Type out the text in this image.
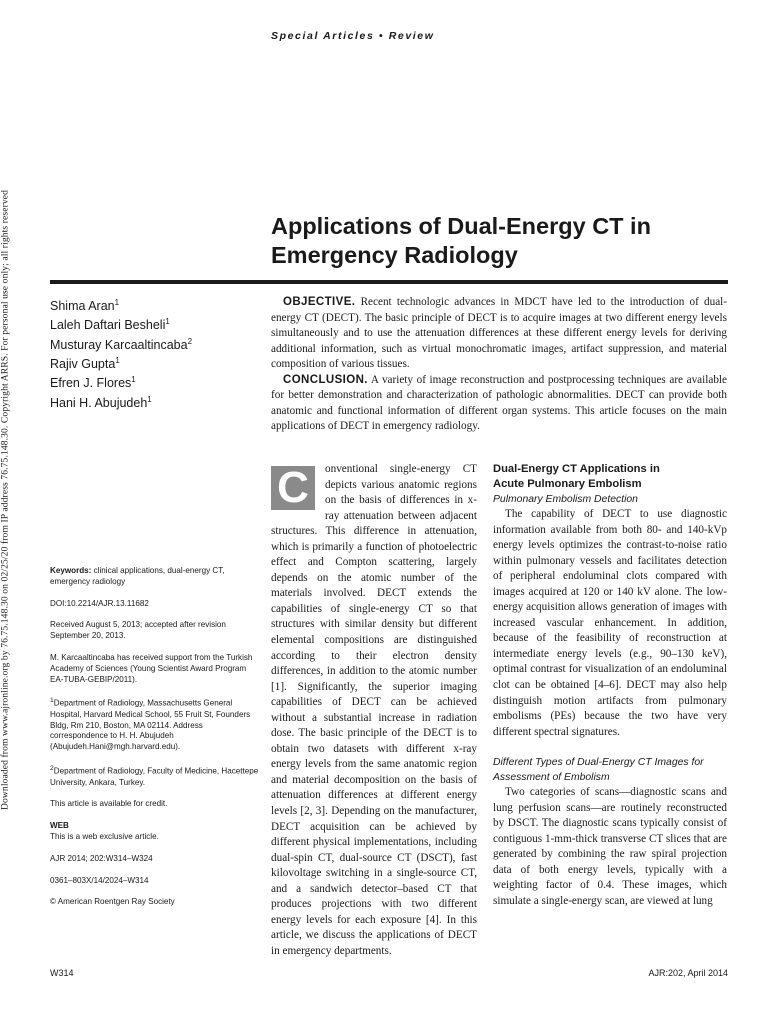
Special Articles • Review
Downloaded from www.ajronline.org by 76.75.148.30 on 02/25/20 from IP address 76.75.148.30. Copyright ARRS. For personal use only; all rights reserved	Applications of Dual-Energy CT in
Emergency Radiology
Shima Aran$^1$
Laleh Daftari Besheli$^1$
Musturay Karcaaltincaba$^2$
Rajiv Gupta$^1$
Efren J. Flores$^1$
Hani H. Abujudeh$^1$
OBJECTIVE. Recent technologic advances in MDCT have led to the introduction of dual-energy CT (DECT). The basic principle of DECT is to acquire images at two different energy levels simultaneously and to use the attenuation differences at these different energy levels for deriving additional information, such as virtual monochromatic images, artifact suppression, and material composition of various tissues.
CONCLUSION. A variety of image reconstruction and postprocessing techniques are available for better demonstration and characterization of pathologic abnormalities. DECT can provide both anatomic and functional information of different organ systems. This article focuses on the main applications of DECT in emergency radiology.

Keywords: clinical applications, dual-energy CT, emergency radiology

DOI:10.2214/AJR.13.11682

Received August 5, 2013; accepted after revision September 20, 2013.

M. Karcaaltincaba has received support from the Turkish Academy of Sciences (Young Scientist Award Program EA-TUBA-GEBIP/2011).

$^1$Department of Radiology, Massachusetts General Hospital, Harvard Medical School, 55 Fruit St, Founders Bldg, Rm 210, Boston, MA 02114. Address correspondence to H. H. Abujudeh (Abujudeh.Hani@mgh.harvard.edu).

$^2$Department of Radiology, Faculty of Medicine, Hacettepe University, Ankara, Turkey.

This article is available for credit.

WEB

This is a web exclusive article.

AJR 2014; 202:W314–W324

0361–803X/14/2024–W314

© American Roentgen Ray Society

C	onventional single-energy CT depicts various anatomic regions on the basis of differences in x-ray attenuation between adjacent structures. This difference in attenuation, which is primarily a function of photoelectric effect and Compton scattering, largely depends on the atomic number of the materials involved. DECT extends the capabilities of single-energy CT so that structures with similar density but different elemental compositions are distinguished according to their electron density differences, in addition to the atomic number [1]. Significantly, the superior imaging capabilities of DECT can be achieved without a substantial increase in radiation dose. The basic principle of the DECT is to obtain two datasets with different x-ray energy levels from the same anatomic region and material decomposition on the basis of attenuation differences at different energy levels [2, 3]. Depending on the manufacturer, DECT acquisition can be achieved by different physical implementations, including dual-spin CT, dual-source CT (DSCT), fast kilovoltage switching in a single-source CT, and a sandwich detector–based CT that produces projections with two different energy levels for each exposure [4]. In this article, we discuss the applications of DECT in emergency departments.

Dual-Energy CT Applications in
Acute Pulmonary Embolism
Pulmonary Embolism Detection

The capability of DECT to use diagnostic information available from both 80- and 140-kVp energy levels optimizes the contrast-to-noise ratio within pulmonary vessels and facilitates detection of peripheral endoluminal clots compared with images acquired at 120 or 140 kV alone. The low-energy acquisition allows generation of images with increased vascular enhancement. In addition, because of the feasibility of reconstruction at intermediate energy levels (e.g., 90–130 keV), optimal contrast for visualization of an endoluminal clot can be obtained [4–6]. DECT may also help distinguish motion artifacts from pulmonary embolisms (PEs) because the two have very different spectral signatures.

Different Types of Dual-Energy CT Images for
Assessment of Embolism

Two categories of scans—diagnostic scans and lung perfusion scans—are routinely reconstructed by DSCT. The diagnostic scans typically consist of contiguous 1-mm-thick transverse CT slices that are generated by combining the raw spiral projection data of both energy levels, typically with a weighting factor of 0.4. These images, which simulate a single-energy scan, are viewed at lung

W314	AJR:202, April 2014
